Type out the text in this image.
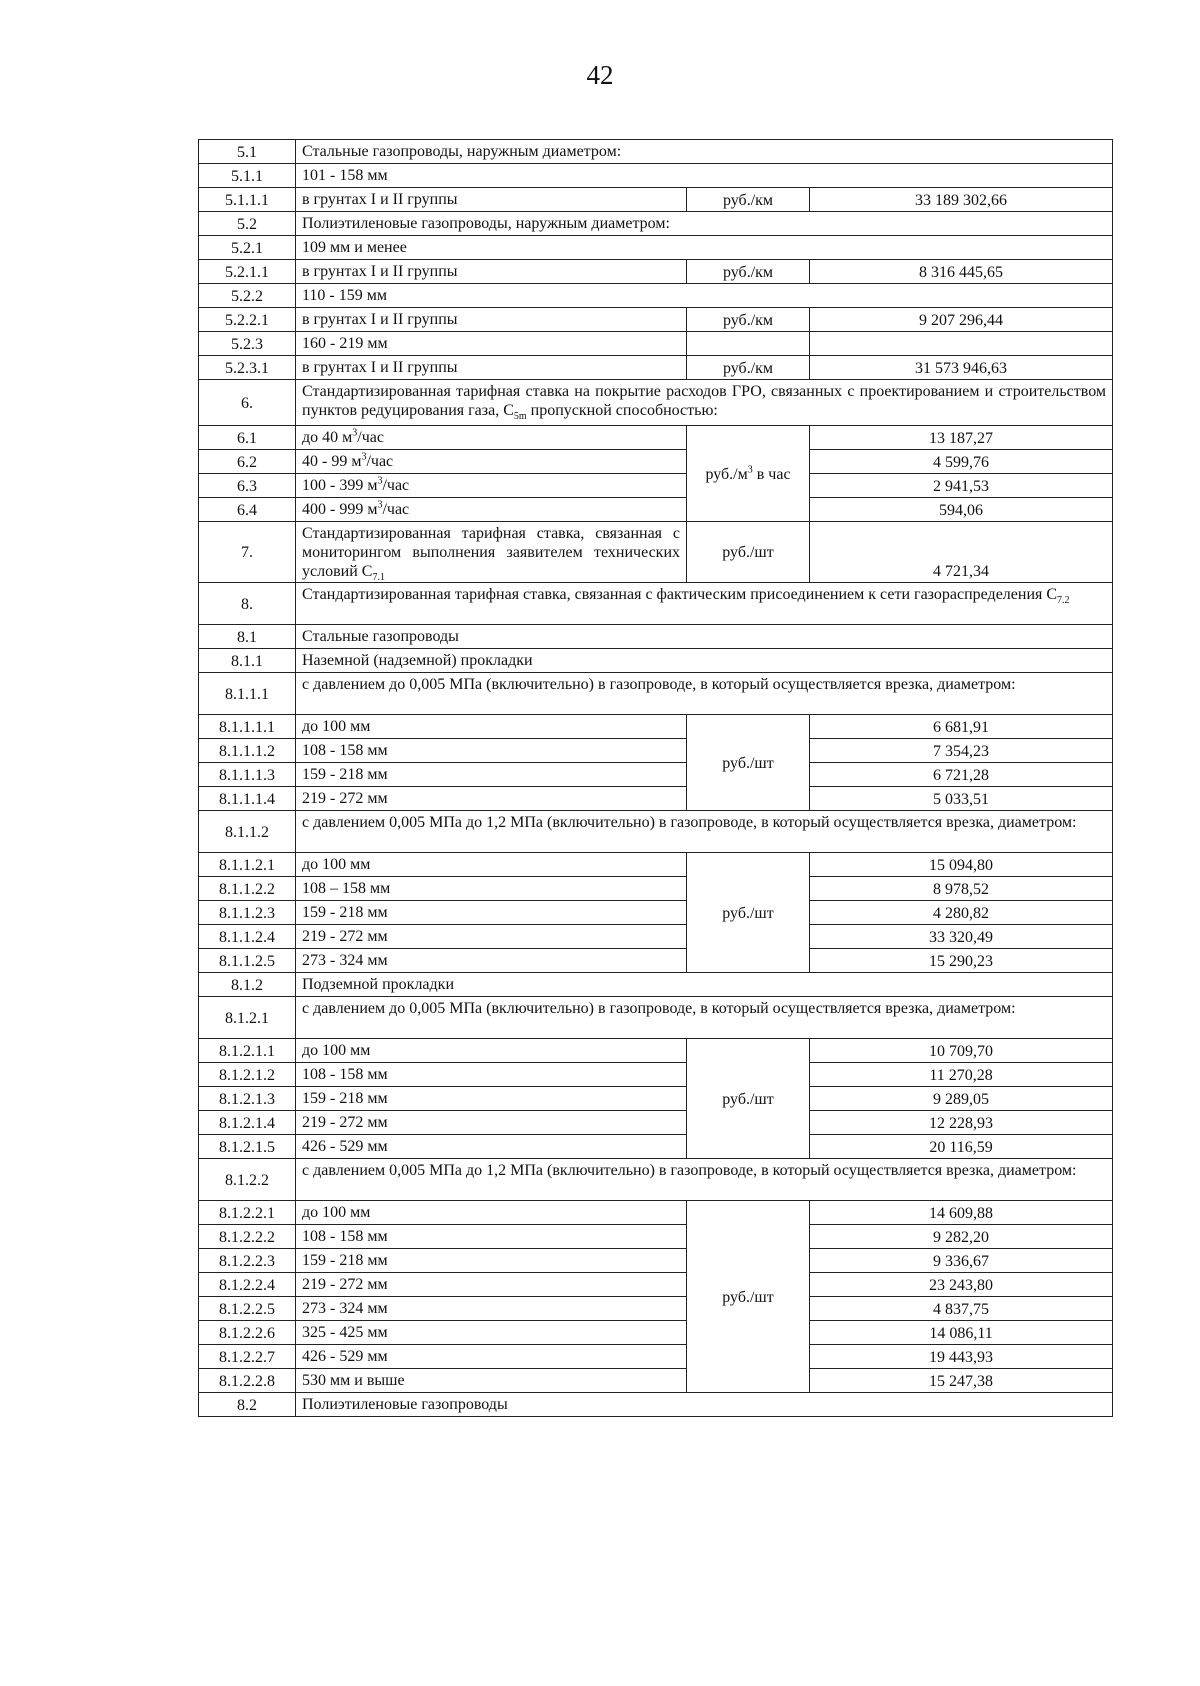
42
5.1	Стальные газопроводы, наружным диаметром:		
5.1.1	101 - 158 мм		
5.1.1.1	в грунтах I и II группы	руб./км	33 189 302,66
5.2	Полиэтиленовые газопроводы, наружным диаметром:		
5.2.1	109 мм и менее		
5.2.1.1	в грунтах I и II группы	руб./км	8 316 445,65
5.2.2	110 - 159 мм		
5.2.2.1	в грунтах I и II группы	руб./км	9 207 296,44
5.2.3	160 - 219 мм		
5.2.3.1	в грунтах I и II группы	руб./км	31 573 946,63
6.	Стандартизированная тарифная ставка на покрытие расходов ГРО, связанных с проектированием и строительством пунктов редуцирования газа, $C_{5m}$ пропускной способностью:		
6.1	до 40 $м^3$/час	$руб./м^3$ в час	13 187,27
6.2	40 - 99 $м^3$/час		4 599,76
6.3	100 - 399 $м^3$/час		2 941,53
6.4	400 - 999 $м^3$/час		594,06
7.	Стандартизированная тарифная ставка, связанная с мониторингом выполнения заявителем технических условий $C_{7.1}$	руб./шт	4 721,34
8.	Стандартизированная тарифная ставка, связанная с фактическим присоединением к сети газораспределения $C_{7.2}$
8.1	Стальные газопроводы		
8.1.1	Наземной (надземной) прокладки		
8.1.1.1	с давлением до 0,005 МПа (включительно) в газопроводе, в который осуществляется врезка, диаметром:		
8.1.1.1.1	до 100 мм	руб./шт	6 681,91
8.1.1.1.2	108 - 158 мм		7 354,23
8.1.1.1.3	159 - 218 мм		6 721,28
8.1.1.1.4	219 - 272 мм		5 033,51
8.1.1.2	с давлением 0,005 МПа до 1,2 МПа (включительно) в газопроводе, в который осуществляется врезка, диаметром:		
8.1.1.2.1	до 100 мм	руб./шт	15 094,80
8.1.1.2.2	108 – 158 мм		8 978,52
8.1.1.2.3	159 - 218 мм		4 280,82
8.1.1.2.4	219 - 272 мм		33 320,49
8.1.1.2.5	273 - 324 мм		15 290,23
8.1.2	Подземной прокладки		
8.1.2.1	с давлением до 0,005 МПа (включительно) в газопроводе, в который осуществляется врезка, диаметром:		
8.1.2.1.1	до 100 мм	руб./шт	10 709,70
8.1.2.1.2	108 - 158 мм		11 270,28
8.1.2.1.3	159 - 218 мм		9 289,05
8.1.2.1.4	219 - 272 мм		12 228,93
8.1.2.1.5	426 - 529 мм		20 116,59
8.1.2.2	с давлением 0,005 МПа до 1,2 МПа (включительно) в газопроводе, в который осуществляется врезка, диаметром:		
8.1.2.2.1	до 100 мм	руб./шт	14 609,88
8.1.2.2.2	108 - 158 мм		9 282,20
8.1.2.2.3	159 - 218 мм		9 336,67
8.1.2.2.4	219 - 272 мм		23 243,80
8.1.2.2.5	273 - 324 мм		4 837,75
8.1.2.2.6	325 - 425 мм		14 086,11
8.1.2.2.7	426 - 529 мм		19 443,93
8.1.2.2.8	530 мм и выше		15 247,38
8.2	Полиэтиленовые газопроводы		
